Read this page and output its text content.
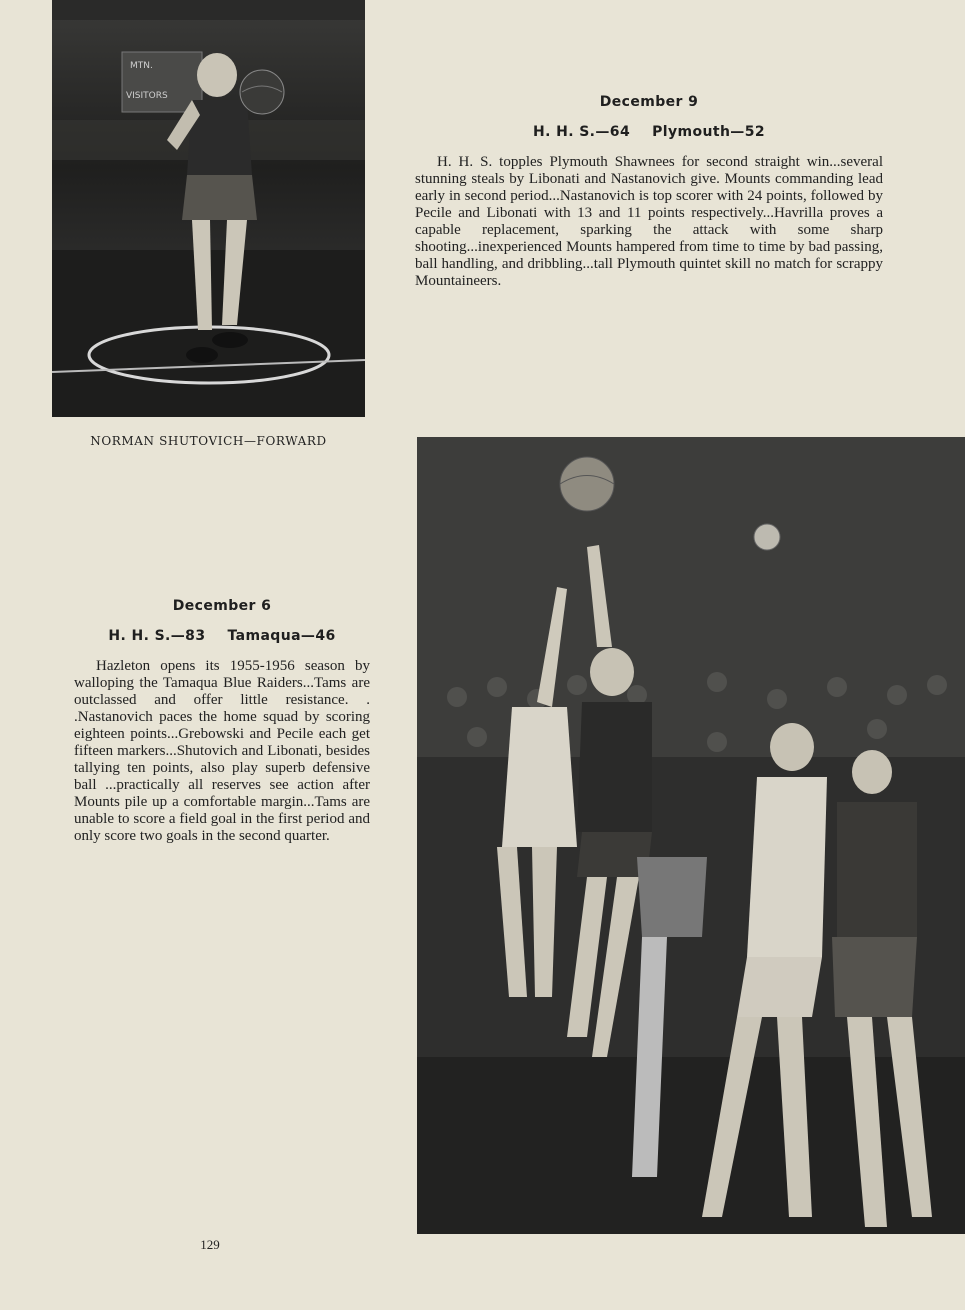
MTN.
VISITORS
NORMAN SHUTOVICH—FORWARD
December 9
H. H. S.—64 Plymouth—52

H. H. S. topples Plymouth Shawnees for second straight win...several stunning steals by Libonati and Nastanovich give. Mounts commanding lead early in second period...Nastanovich is top scorer with 24 points, followed by Pecile and Libonati with 13 and 11 points respectively...Havrilla proves a capable replacement, sparking the attack with some sharp shooting...inexperienced Mounts hampered from time to time by bad passing, ball handling, and dribbling...tall Plymouth quintet skill no match for scrappy Mountaineers.

December 6
H. H. S.—83 Tamaqua—46

Hazleton opens its 1955-1956 season by walloping the Tamaqua Blue Raiders...Tams are outclassed and offer little resistance. . .Nastanovich paces the home squad by scoring eighteen points...Grebowski and Pecile each get fifteen markers...Shutovich and Libonati, besides tallying ten points, also play superb defensive ball ...practically all reserves see action after Mounts pile up a comfortable margin...Tams are unable to score a field goal in the first period and only score two goals in the second quarter.

129
